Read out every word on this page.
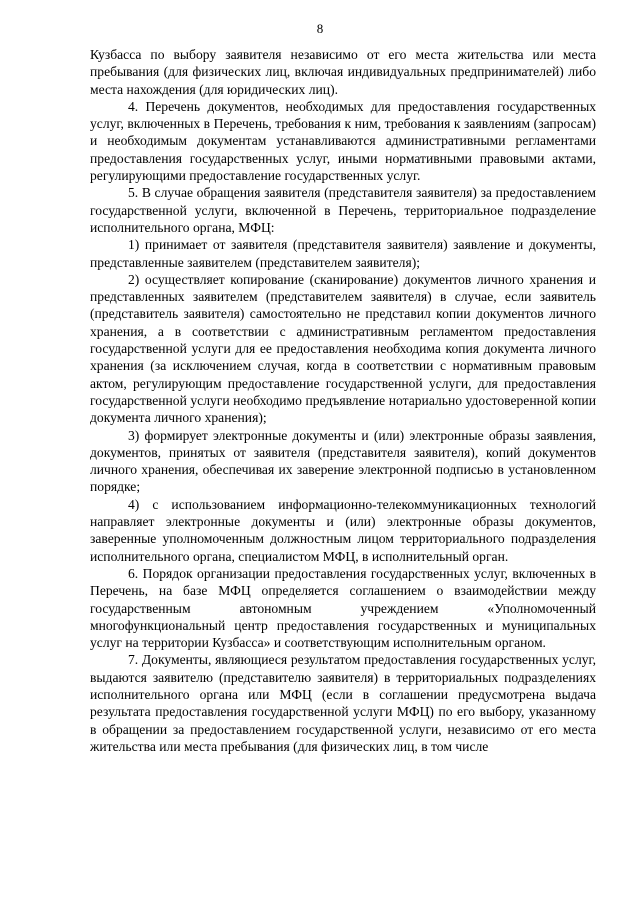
8

Кузбасса по выбору заявителя независимо от его места жительства или места пребывания (для физических лиц, включая индивидуальных предпринимателей) либо места нахождения (для юридических лиц).

4. Перечень документов, необходимых для предоставления государственных услуг, включенных в Перечень, требования к ним, требования к заявлениям (запросам) и необходимым документам устанавливаются административными регламентами предоставления государственных услуг, иными нормативными правовыми актами, регулирующими предоставление государственных услуг.

5. В случае обращения заявителя (представителя заявителя) за предоставлением государственной услуги, включенной в Перечень, территориальное подразделение исполнительного органа, МФЦ:

1) принимает от заявителя (представителя заявителя) заявление и документы, представленные заявителем (представителем заявителя);

2) осуществляет копирование (сканирование) документов личного хранения и представленных заявителем (представителем заявителя) в случае, если заявитель (представитель заявителя) самостоятельно не представил копии документов личного хранения, а в соответствии с административным регламентом предоставления государственной услуги для ее предоставления необходима копия документа личного хранения (за исключением случая, когда в соответствии с нормативным правовым актом, регулирующим предоставление государственной услуги, для предоставления государственной услуги необходимо предъявление нотариально удостоверенной копии документа личного хранения);

3) формирует электронные документы и (или) электронные образы заявления, документов, принятых от заявителя (представителя заявителя), копий документов личного хранения, обеспечивая их заверение электронной подписью в установленном порядке;

4) с использованием информационно-телекоммуникационных технологий направляет электронные документы и (или) электронные образы документов, заверенные уполномоченным должностным лицом территориального подразделения исполнительного органа, специалистом МФЦ, в исполнительный орган.

6. Порядок организации предоставления государственных услуг, включенных в Перечень, на базе МФЦ определяется соглашением о взаимодействии между государственным автономным учреждением «Уполномоченный многофункциональный центр предоставления государственных и муниципальных услуг на территории Кузбасса» и соответствующим исполнительным органом.

7. Документы, являющиеся результатом предоставления государственных услуг, выдаются заявителю (представителю заявителя) в территориальных подразделениях исполнительного органа или МФЦ (если в соглашении предусмотрена выдача результата предоставления государственной услуги МФЦ) по его выбору, указанному в обращении за предоставлением государственной услуги, независимо от его места жительства или места пребывания (для физических лиц, в том числе
